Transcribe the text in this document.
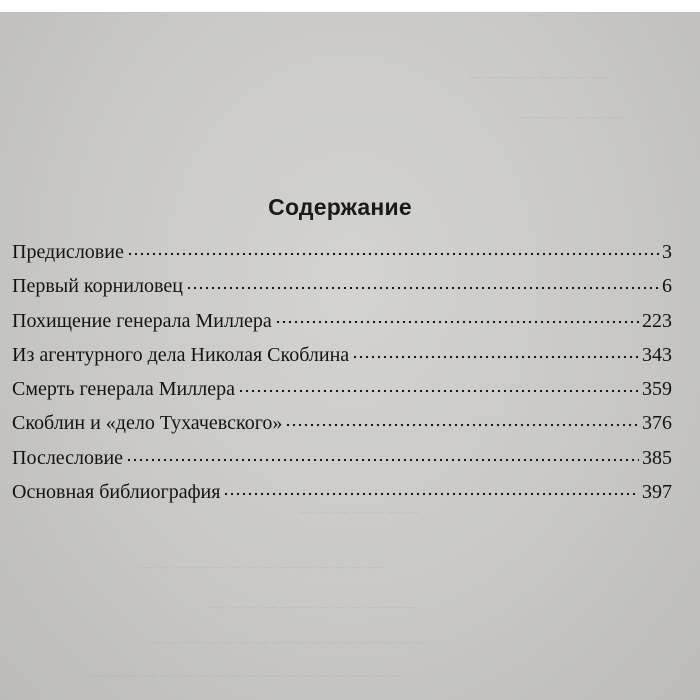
— — — — — — — —
— — — — — —
— — — — — — —
— — — — — — — — — — — — — —
— — — — — — — — — — — —
— — — — — — — — — — — — — — — —
— — — — — — — — — — — — — — — — — —
Содержание
Предисловие	3
Первый корниловец	6
Похищение генерала Миллера	223
Из агентурного дела Николая Скоблина	343
Смерть генерала Миллера	359
Скоблин и «дело Тухачевского»	376
Послесловие	385
Основная библиография	397
